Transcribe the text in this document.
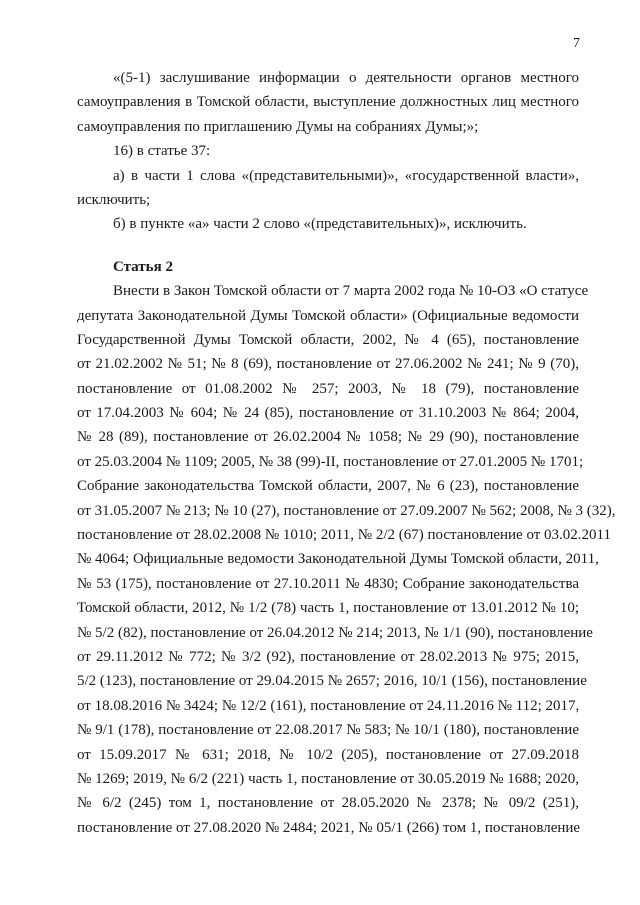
7
«(5-1) заслушивание информации о деятельности органов местного
самоуправления в Томской области, выступление должностных лиц местного
самоуправления по приглашению Думы на собраниях Думы;»;
16) в статье 37:
а) в части 1 слова «(представительными)», «государственной власти»,
исключить;
б) в пункте «а» части 2 слово «(представительных)», исключить.
Статья 2
Внести в Закон Томской области от 7 марта 2002 года № 10-ОЗ «О статусе
депутата Законодательной Думы Томской области» (Официальные ведомости
Государственной Думы Томской области, 2002, № 4 (65), постановление
от 21.02.2002 № 51; № 8 (69), постановление от 27.06.2002 № 241; № 9 (70),
постановление от 01.08.2002 № 257; 2003, № 18 (79), постановление
от 17.04.2003 № 604; № 24 (85), постановление от 31.10.2003 № 864; 2004,
№ 28 (89), постановление от 26.02.2004 № 1058; № 29 (90), постановление
от 25.03.2004 № 1109; 2005, № 38 (99)-II, постановление от 27.01.2005 № 1701;
Собрание законодательства Томской области, 2007, № 6 (23), постановление
от 31.05.2007 № 213; № 10 (27), постановление от 27.09.2007 № 562; 2008, № 3 (32),
постановление от 28.02.2008 № 1010; 2011, № 2/2 (67) постановление от 03.02.2011
№ 4064; Официальные ведомости Законодательной Думы Томской области, 2011,
№ 53 (175), постановление от 27.10.2011 № 4830; Собрание законодательства
Томской области, 2012, № 1/2 (78) часть 1, постановление от 13.01.2012 № 10;
№ 5/2 (82), постановление от 26.04.2012 № 214; 2013, № 1/1 (90), постановление
от 29.11.2012 № 772; № 3/2 (92), постановление от 28.02.2013 № 975; 2015,
5/2 (123), постановление от 29.04.2015 № 2657; 2016, 10/1 (156), постановление
от 18.08.2016 № 3424; № 12/2 (161), постановление от 24.11.2016 № 112; 2017,
№ 9/1 (178), постановление от 22.08.2017 № 583; № 10/1 (180), постановление
от 15.09.2017 № 631; 2018, № 10/2 (205), постановление от 27.09.2018
№ 1269; 2019, № 6/2 (221) часть 1, постановление от 30.05.2019 № 1688; 2020,
№ 6/2 (245) том 1, постановление от 28.05.2020 № 2378; № 09/2 (251),
постановление от 27.08.2020 № 2484; 2021, № 05/1 (266) том 1, постановление
